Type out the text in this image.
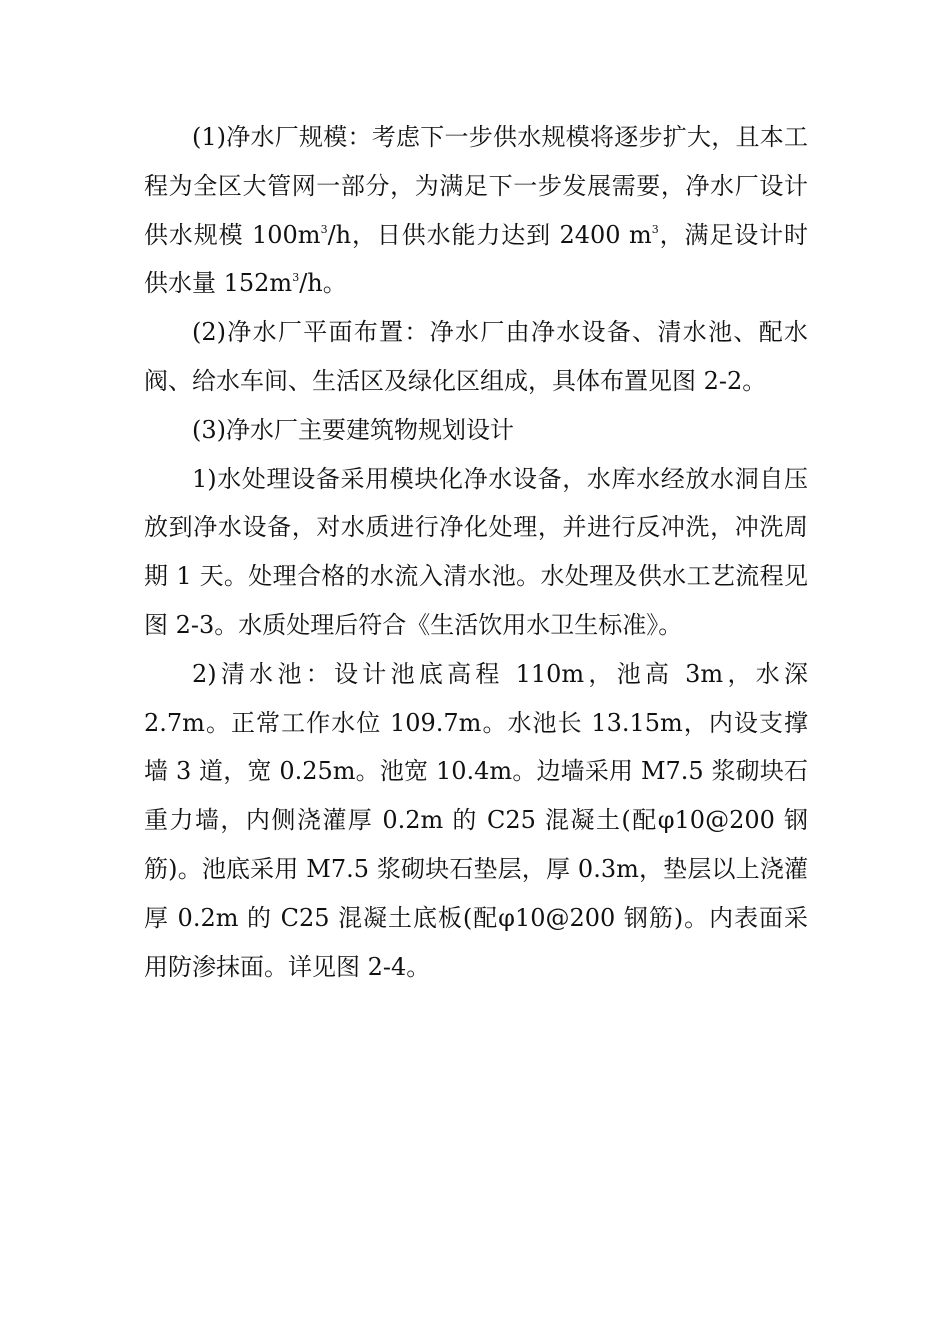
(1)净水厂规模：考虑下一步供水规模将逐步扩大，且本工程为全区大管网一部分，为满足下一步发展需要，净水厂设计供水规模 $100m^3/h$，日供水能力达到 2400 $m^3$，满足设计时供水量 $152m^3/h$。

(2)净水厂平面布置：净水厂由净水设备、清水池、配水阀、给水车间、生活区及绿化区组成，具体布置见图 2-2。

(3)净水厂主要建筑物规划设计

1)水处理设备采用模块化净水设备，水库水经放水洞自压放到净水设备，对水质进行净化处理，并进行反冲洗，冲洗周期 1 天。处理合格的水流入清水池。水处理及供水工艺流程见图 2-3。水质处理后符合《生活饮用水卫生标准》。

2)清水池：设计池底高程 110m，池高 3m，水深 2.7m。正常工作水位 109.7m。水池长 13.15m，内设支撑墙 3 道，宽 0.25m。池宽 10.4m。边墙采用 M7.5 浆砌块石重力墙，内侧浇灌厚 0.2m 的 C25 混凝土(配φ10@200 钢筋)。池底采用 M7.5 浆砌块石垫层，厚 0.3m，垫层以上浇灌厚 0.2m 的 C25 混凝土底板(配φ10@200 钢筋)。内表面采用防渗抹面。详见图 2-4。
